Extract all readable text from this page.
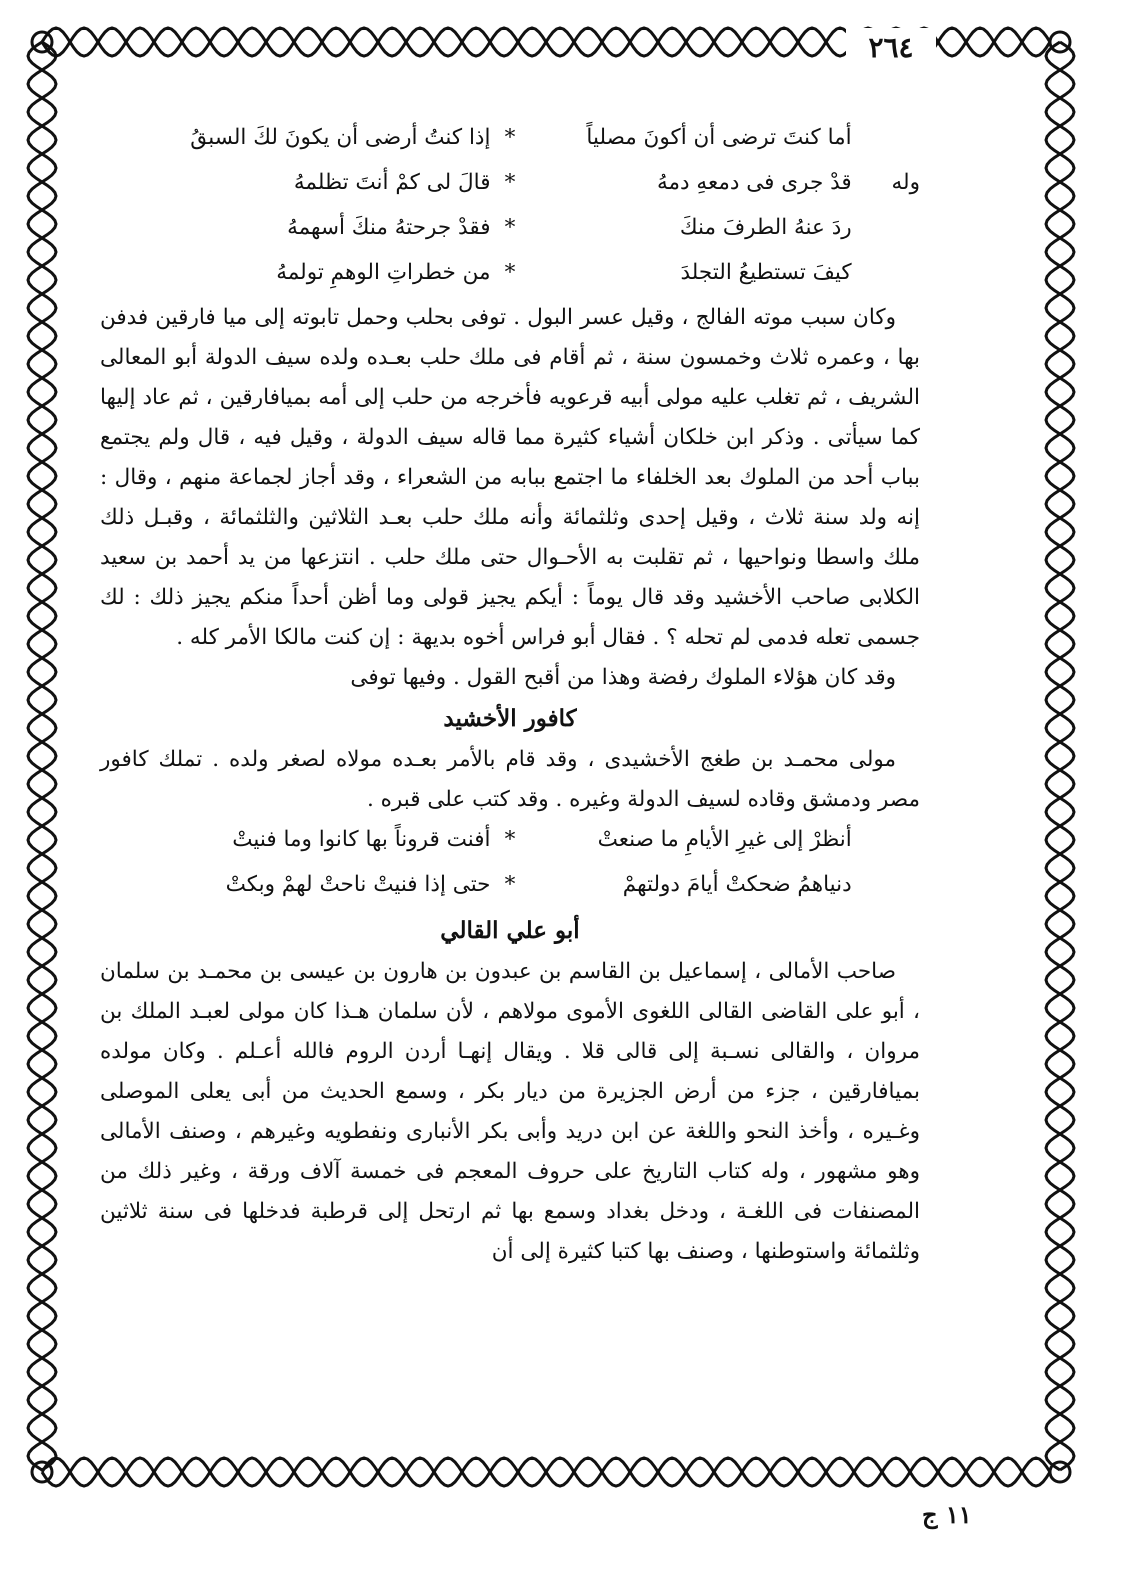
٢٦٤
أما كنتَ ترضى أن أكونَ مصلياً
*
إذا كنتُ أرضى أن يكونَ لكَ السبقُ
وله
قدْ جرى فى دمعهِ دمهُ
*
قالَ لى كمْ أنتَ تظلمهُ
ردَ عنهُ الطرفَ منكَ
*
فقدْ جرحتهُ منكَ أسهمهُ
كيفَ تستطيعُ التجلدَ
*
من خطراتِ الوهمِ تولمهُ

وكان سبب موته الفالج ، وقيل عسر البول . توفى بحلب وحمل تابوته إلى ميا فارقين فدفن بها ، وعمره ثلاث وخمسون سنة ، ثم أقام فى ملك حلب بعـده ولده سيف الدولة أبو المعالى الشريف ، ثم تغلب عليه مولى أبيه قرعويه فأخرجه من حلب إلى أمه بميافارقين ، ثم عاد إليها كما سيأتى . وذكر ابن خلكان أشياء كثيرة مما قاله سيف الدولة ، وقيل فيه ، قال ولم يجتمع بباب أحد من الملوك بعد الخلفاء ما اجتمع ببابه من الشعراء ، وقد أجاز لجماعة منهم ، وقال : إنه ولد سنة ثلاث ، وقيل إحدى وثلثمائة وأنه ملك حلب بعـد الثلاثين والثلثمائة ، وقبـل ذلك ملك واسطا ونواحيها ، ثم تقلبت به الأحـوال حتى ملك حلب . انتزعها من يد أحمد بن سعيد الكلابى صاحب الأخشيد وقد قال يوماً : أيكم يجيز قولى وما أظن أحداً منكم يجيز ذلك : لك جسمى تعله فدمى لم تحله ؟ . فقال أبو فراس أخوه بديهة : إن كنت مالكا الأمر كله .

وقد كان هؤلاء الملوك رفضة وهذا من أقبح القول . وفيها توفى

كافور الأخشيد

مولى محمـد بن طغج الأخشيدى ، وقد قام بالأمر بعـده مولاه لصغر ولده . تملك كافور مصر ودمشق وقاده لسيف الدولة وغيره . وقد كتب على قبره .

أنظرْ إلى غيرِ الأيامِ ما صنعتْ
*
أفنت قروناً بها كانوا وما فنيتْ
دنياهمُ ضحكتْ أيامَ دولتهمْ
*
حتى إذا فنيتْ ناحتْ لهمْ وبكتْ
أبو علي القالي

صاحب الأمالى ، إسماعيل بن القاسم بن عبدون بن هارون بن عيسى بن محمـد بن سلمان ، أبو على القاضى القالى اللغوى الأموى مولاهم ، لأن سلمان هـذا كان مولى لعبـد الملك بن مروان ، والقالى نسـبة إلى قالى قلا . ويقال إنهـا أردن الروم فالله أعـلم . وكان مولده بميافارقين ، جزء من أرض الجزيرة من ديار بكر ، وسمع الحديث من أبى يعلى الموصلى وغـيره ، وأخذ النحو واللغة عن ابن دريد وأبى بكر الأنبارى ونفطويه وغيرهم ، وصنف الأمالى وهو مشهور ، وله كتاب التاريخ على حروف المعجم فى خمسة آلاف ورقة ، وغير ذلك من المصنفات فى اللغـة ، ودخل بغداد وسمع بها ثم ارتحل إلى قرطبة فدخلها فى سنة ثلاثين وثلثمائة واستوطنها ، وصنف بها كتبا كثيرة إلى أن

١١ ج
